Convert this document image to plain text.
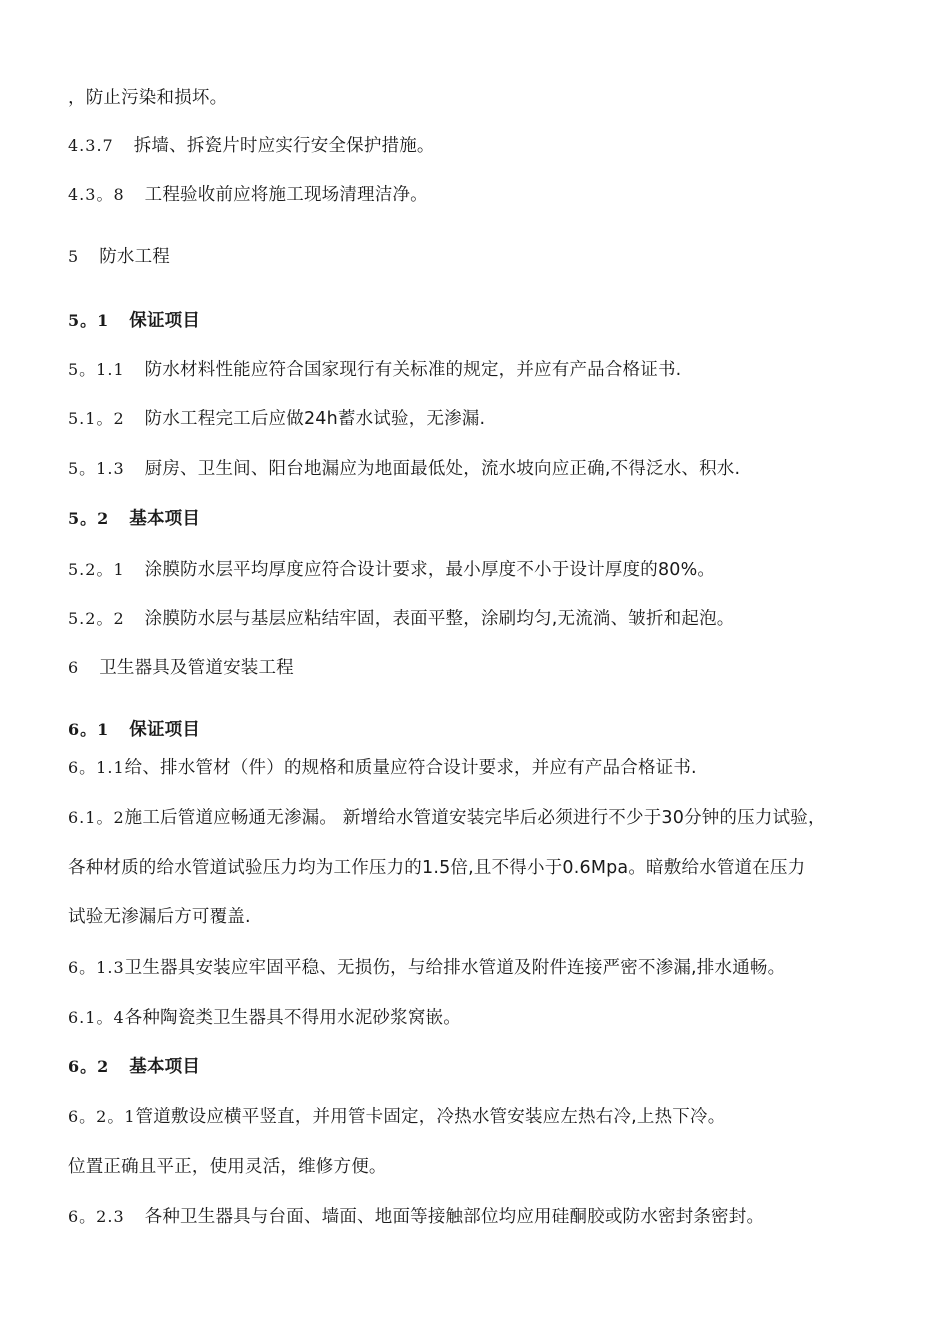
，防止污染和损坏。
4.3.7 拆墙、拆瓷片时应实行安全保护措施。
4.3。8 工程验收前应将施工现场清理洁净。
5 防水工程
5。1 保证项目
5。1.1 防水材料性能应符合国家现行有关标准的规定，并应有产品合格证书.
5.1。2 防水工程完工后应做24h蓄水试验，无渗漏.
5。1.3 厨房、卫生间、阳台地漏应为地面最低处，流水坡向应正确,不得泛水、积水.
5。2 基本项目
5.2。1 涂膜防水层平均厚度应符合设计要求，最小厚度不小于设计厚度的80%。
5.2。2 涂膜防水层与基层应粘结牢固，表面平整，涂刷均匀,无流淌、皱折和起泡。
6 卫生器具及管道安装工程
6。1 保证项目
6。1.1给、排水管材（件）的规格和质量应符合设计要求，并应有产品合格证书.
6.1。2施工后管道应畅通无渗漏。 新增给水管道安装完毕后必须进行不少于30分钟的压力试验，
各种材质的给水管道试验压力均为工作压力的1.5倍,且不得小于0.6Mpa。暗敷给水管道在压力
试验无渗漏后方可覆盖.
6。1.3卫生器具安装应牢固平稳、无损伤，与给排水管道及附件连接严密不渗漏,排水通畅。
6.1。4各种陶瓷类卫生器具不得用水泥砂浆窝嵌。
6。2 基本项目
6。2。1管道敷设应横平竖直，并用管卡固定，冷热水管安装应左热右冷,上热下冷。
位置正确且平正，使用灵活，维修方便。
6。2.3 各种卫生器具与台面、墙面、地面等接触部位均应用硅酮胶或防水密封条密封。
